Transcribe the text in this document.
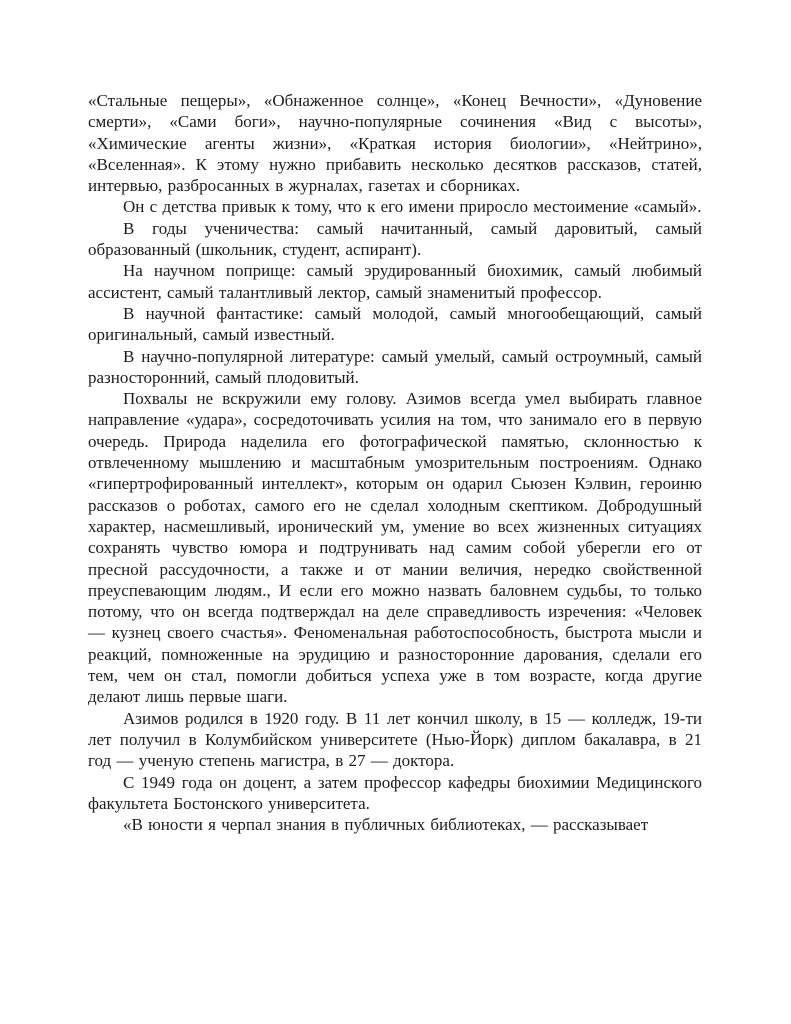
«Стальные пещеры», «Обнаженное солнце», «Конец Вечности», «Дуновение смерти», «Сами боги», научно-популярные сочинения «Вид с высоты», «Химические агенты жизни», «Краткая история биологии», «Нейтрино», «Вселенная». К этому нужно прибавить несколько десятков рассказов, статей, интервью, разбросанных в журналах, газетах и сборниках.

Он с детства привык к тому, что к его имени приросло местоимение «самый».

В годы ученичества: самый начитанный, самый даровитый, самый образованный (школьник, студент, аспирант).

На научном поприще: самый эрудированный биохимик, самый любимый ассистент, самый талантливый лектор, самый знаменитый профессор.

В научной фантастике: самый молодой, самый многообещающий, самый оригинальный, самый известный.

В научно-популярной литературе: самый умелый, самый остроумный, самый разносторонний, самый плодовитый.

Похвалы не вскружили ему голову. Азимов всегда умел выбирать главное направление «удара», сосредоточивать усилия на том, что занимало его в первую очередь. Природа наделила его фотографической памятью, склонностью к отвлеченному мышлению и масштабным умозрительным построениям. Однако «гипертрофированный интеллект», которым он одарил Сьюзен Кэлвин, героиню рассказов о роботах, самого его не сделал холодным скептиком. Добродушный характер, насмешливый, иронический ум, умение во всех жизненных ситуациях сохранять чувство юмора и подтрунивать над самим собой уберегли его от пресной рассудочности, а также и от мании величия, нередко свойственной преуспевающим людям., И если его можно назвать баловнем судьбы, то только потому, что он всегда подтверждал на деле справедливость изречения: «Человек — кузнец своего счастья». Феноменальная работоспособность, быстрота мысли и реакций, помноженные на эрудицию и разносторонние дарования, сделали его тем, чем он стал, помогли добиться успеха уже в том возрасте, когда другие делают лишь первые шаги.

Азимов родился в 1920 году. В 11 лет кончил школу, в 15 — колледж, 19-ти лет получил в Колумбийском университете (Нью-Йорк) диплом бакалавра, в 21 год — ученую степень магистра, в 27 — доктора.

С 1949 года он доцент, а затем профессор кафедры биохимии Медицинского факультета Бостонского университета.

«В юности я черпал знания в публичных библиотеках, — рассказывает
